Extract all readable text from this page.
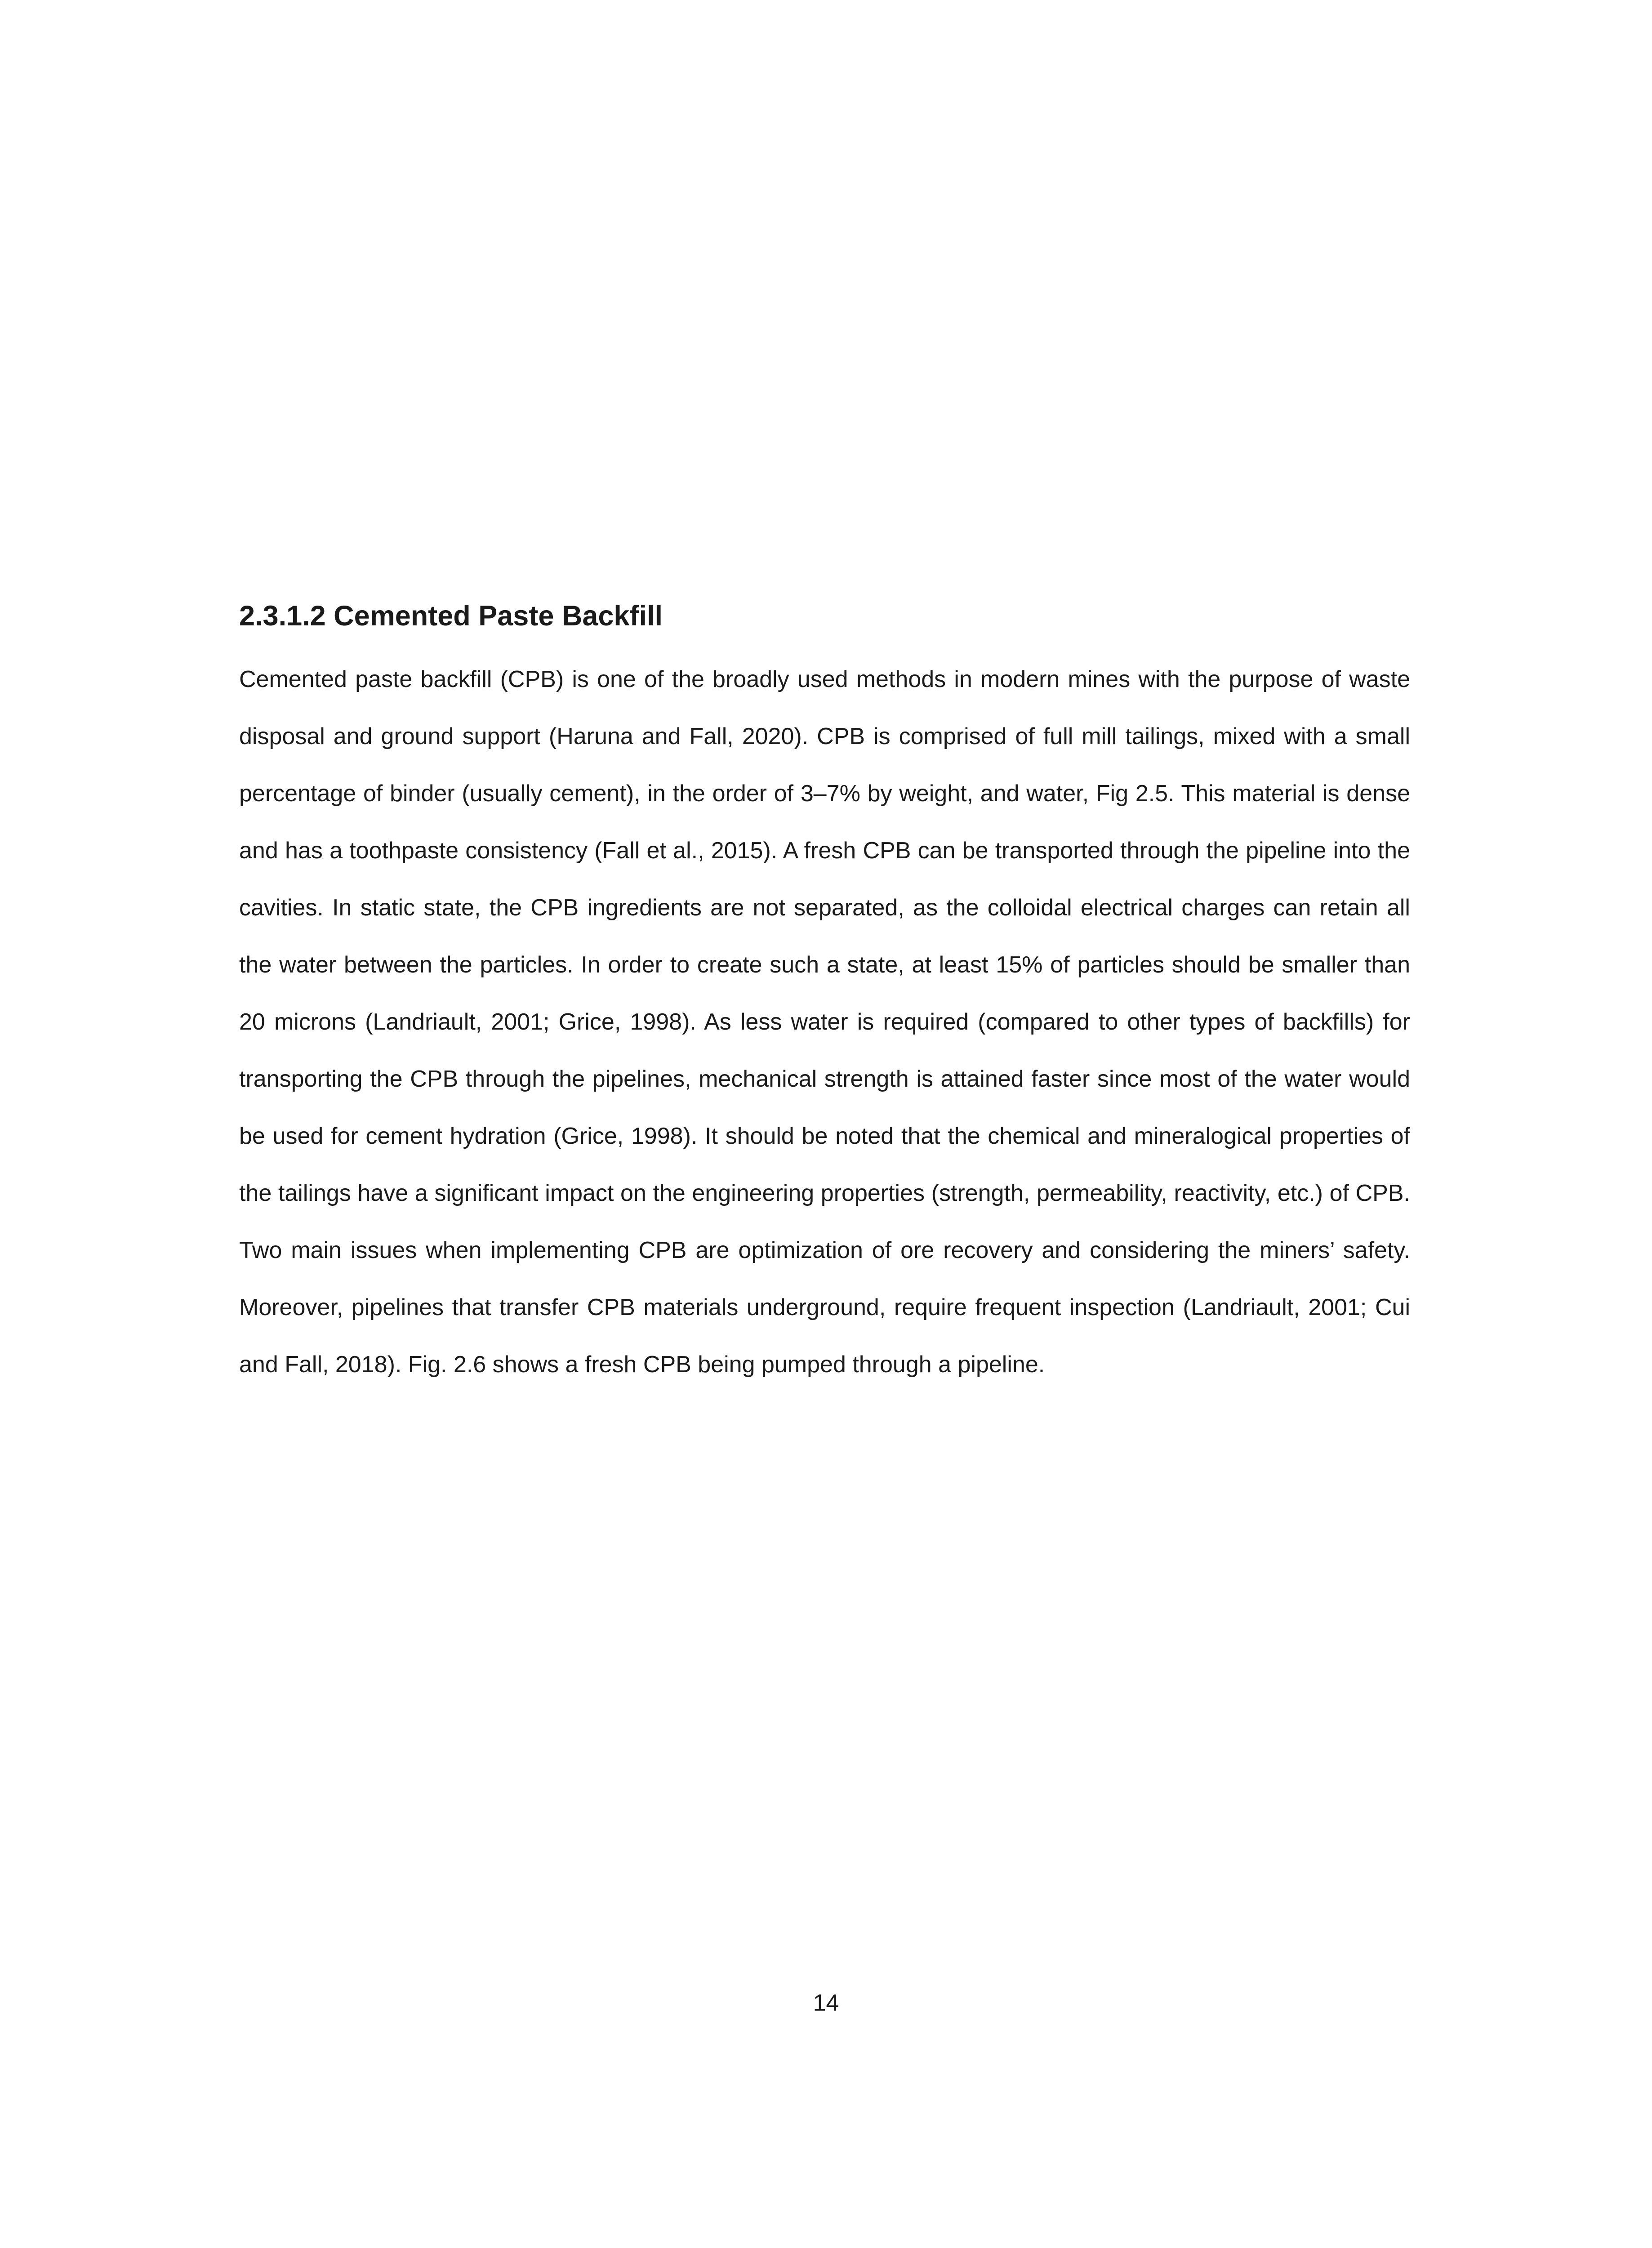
2.3.1.2 Cemented Paste Backfill

Cemented paste backfill (CPB) is one of the broadly used methods in modern mines with the purpose of waste disposal and ground support (Haruna and Fall, 2020). CPB is comprised of full mill tailings, mixed with a small percentage of binder (usually cement), in the order of 3–7% by weight, and water, Fig 2.5. This material is dense and has a toothpaste consistency (Fall et al., 2015). A fresh CPB can be transported through the pipeline into the cavities. In static state, the CPB ingredients are not separated, as the colloidal electrical charges can retain all the water between the particles. In order to create such a state, at least 15% of particles should be smaller than 20 microns (Landriault, 2001; Grice, 1998). As less water is required (compared to other types of backfills) for transporting the CPB through the pipelines, mechanical strength is attained faster since most of the water would be used for cement hydration (Grice, 1998). It should be noted that the chemical and mineralogical properties of the tailings have a significant impact on the engineering properties (strength, permeability, reactivity, etc.) of CPB. Two main issues when implementing CPB are optimization of ore recovery and considering the miners’ safety. Moreover, pipelines that transfer CPB materials underground, require frequent inspection (Landriault, 2001; Cui and Fall, 2018). Fig. 2.6 shows a fresh CPB being pumped through a pipeline.

14
